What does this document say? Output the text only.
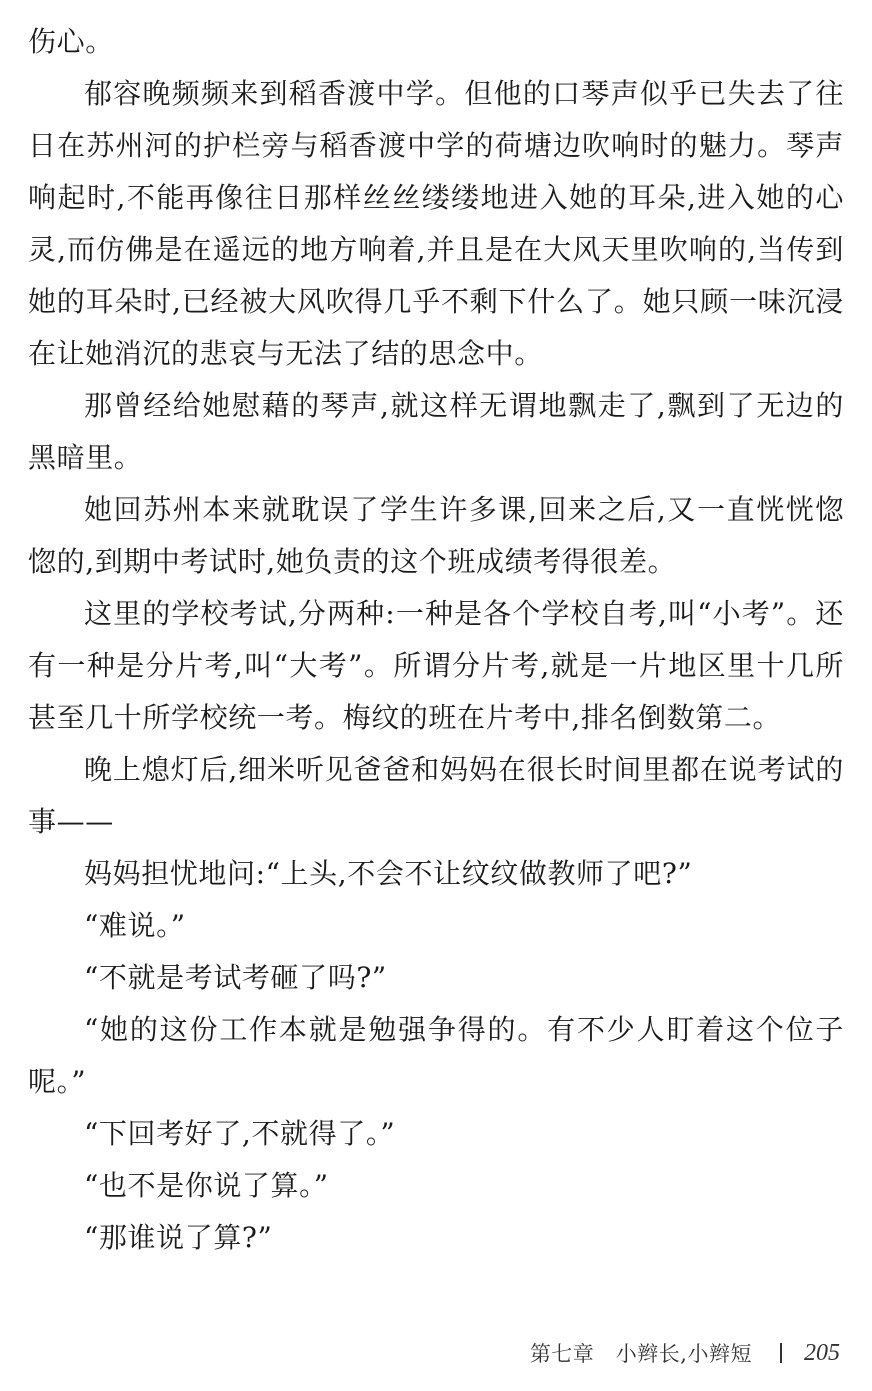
伤心。

郁容晚频频来到稻香渡中学。但他的口琴声似乎已失去了往日在苏州河的护栏旁与稻香渡中学的荷塘边吹响时的魅力。琴声响起时,不能再像往日那样丝丝缕缕地进入她的耳朵,进入她的心灵,而仿佛是在遥远的地方响着,并且是在大风天里吹响的,当传到她的耳朵时,已经被大风吹得几乎不剩下什么了。她只顾一味沉浸在让她消沉的悲哀与无法了结的思念中。

那曾经给她慰藉的琴声,就这样无谓地飘走了,飘到了无边的黑暗里。

她回苏州本来就耽误了学生许多课,回来之后,又一直恍恍惚惚的,到期中考试时,她负责的这个班成绩考得很差。

这里的学校考试,分两种:一种是各个学校自考,叫“小考”。还有一种是分片考,叫“大考”。所谓分片考,就是一片地区里十几所甚至几十所学校统一考。梅纹的班在片考中,排名倒数第二。

晚上熄灯后,细米听见爸爸和妈妈在很长时间里都在说考试的事——

妈妈担忧地问:“上头,不会不让纹纹做教师了吧?”

“难说。”

“不就是考试考砸了吗?”

“她的这份工作本就是勉强争得的。有不少人盯着这个位子呢。”

“下回考好了,不就得了。”

“也不是你说了算。”

“那谁说了算?”

第七章　小辫长,小辫短 205
